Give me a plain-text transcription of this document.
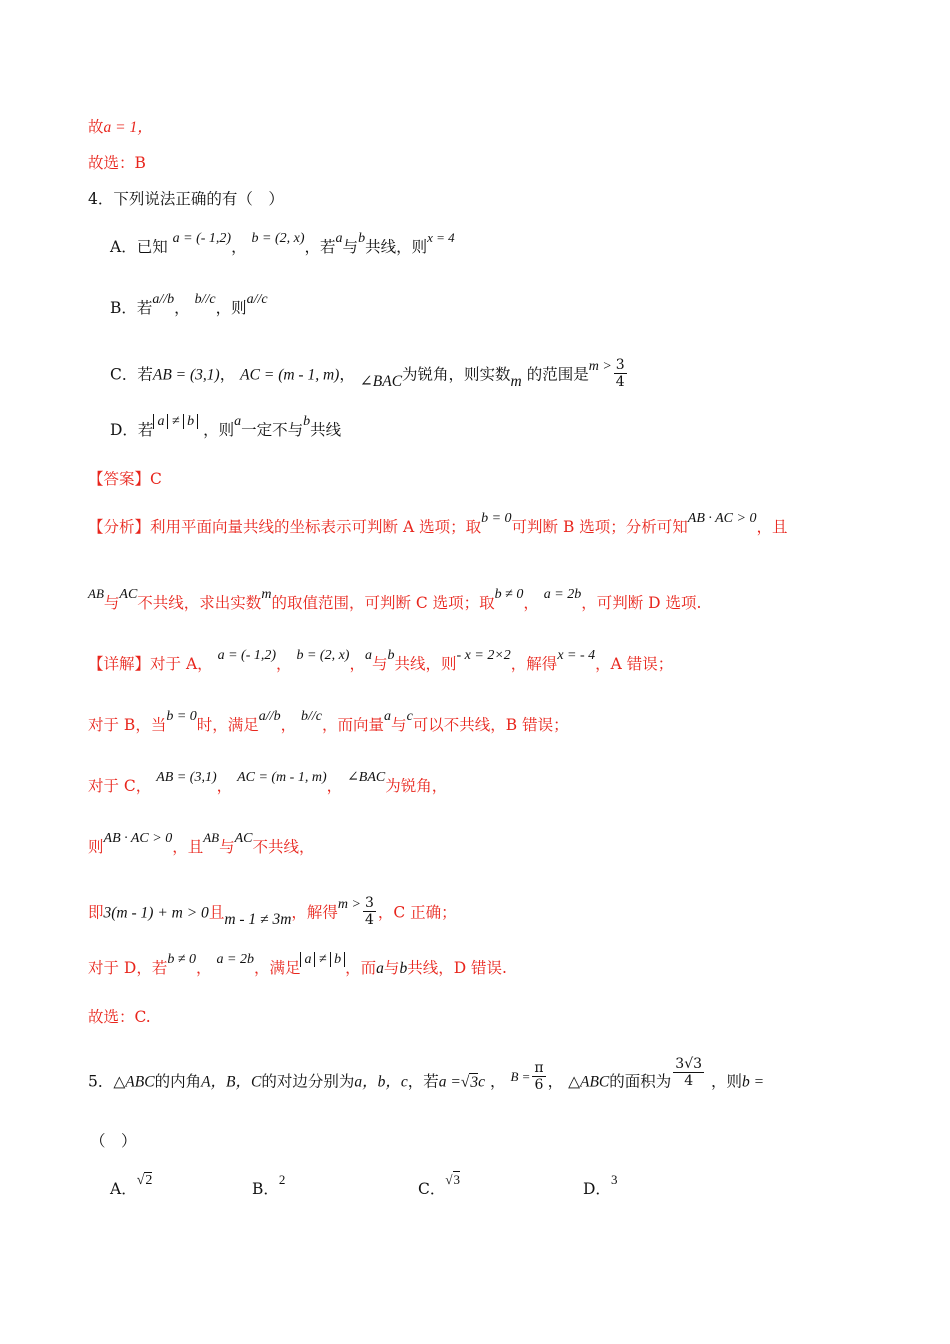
故a = 1，
故选：B
4．下列说法正确的有（　）
A．已知 a = (- 1,2)， b = (2, x)，若a与b共线，则$^{x = 4}$
B．若a//b， b//c，则a//c
C．若AB = (3,1)， AC = (m - 1, m)， ∠BAC为锐角，则实数m 的范围是$m > \frac{3}{4}$
D．若 a ≠ b ，则a一定不与b共线
【答案】C
【分析】利用平面向量共线的坐标表示可判断 A 选项；取b = 0可判断 B 选项；分析可知AB · AC > 0，且
$^{AB}$与AC不共线，求出实数m的取值范围，可判断 C 选项；取b ≠ 0， a = 2b，可判断 D 选项.
【详解】对于 A， a = (- 1,2)， b = (2, x)，a与b共线，则- x = 2×2，解得x = - 4，A 错误；
对于 B，当b = 0时，满足a//b， b//c，而向量a与c可以不共线，B 错误；
对于 C， AB = (3,1)， AC = (m - 1, m)， ∠BAC为锐角，
则AB · AC > 0，且$^{AB}$与AC不共线，
即3(m - 1) + m > 0且m - 1 ≠ 3m，解得$m > \frac{3}{4}$ ，C 正确；
对于 D，若b ≠ 0， a = 2b，满足 a ≠ b ，而a与b共线，D 错误.
故选：C.
5．△ABC的内角A，B，C的对边分别为a，b，c，若a =√3c ， $^{B =} \frac{\pi}{6}$ ， △ABC的面积为 $\frac{3√3}{4}$ ，则b =
（　）
A．√2	B．$^2$
C．$^{√3}$
D．$^3$
